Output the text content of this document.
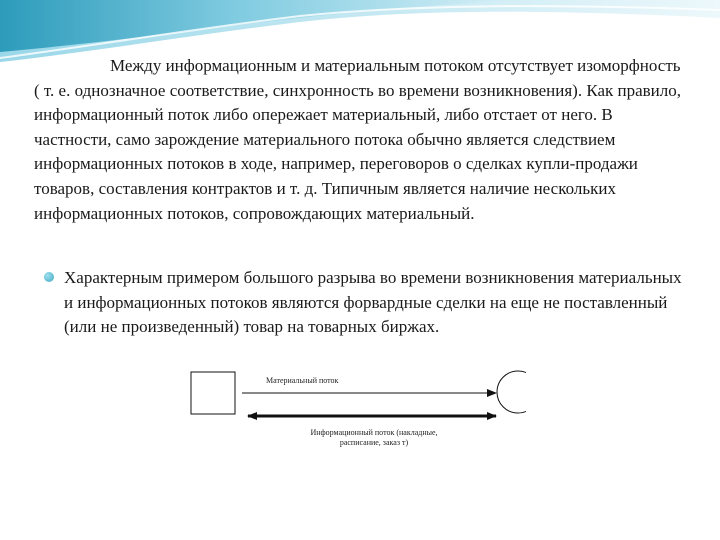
Между информационным и материальным потоком отсутствует изоморфность ( т. е. однозначное соответствие, синхронность во времени возникновения). Как правило, информационный поток либо опережает материальный, либо отстает от него. В частности, само зарождение материального потока обычно является следствием информационных потоков в ходе, например, переговоров о сделках купли-продажи товаров, составления контрактов и т. д. Типичным является наличие нескольких информационных потоков, сопровождающих материальный.

Характерным примером большого разрыва во времени возникновения материальных и информационных потоков являются форвардные сделки на еще не поставленный (или не произведенный) товар на товарных биржах.

Материальный поток
Информационный поток (накладные, расписание, заказ т)
